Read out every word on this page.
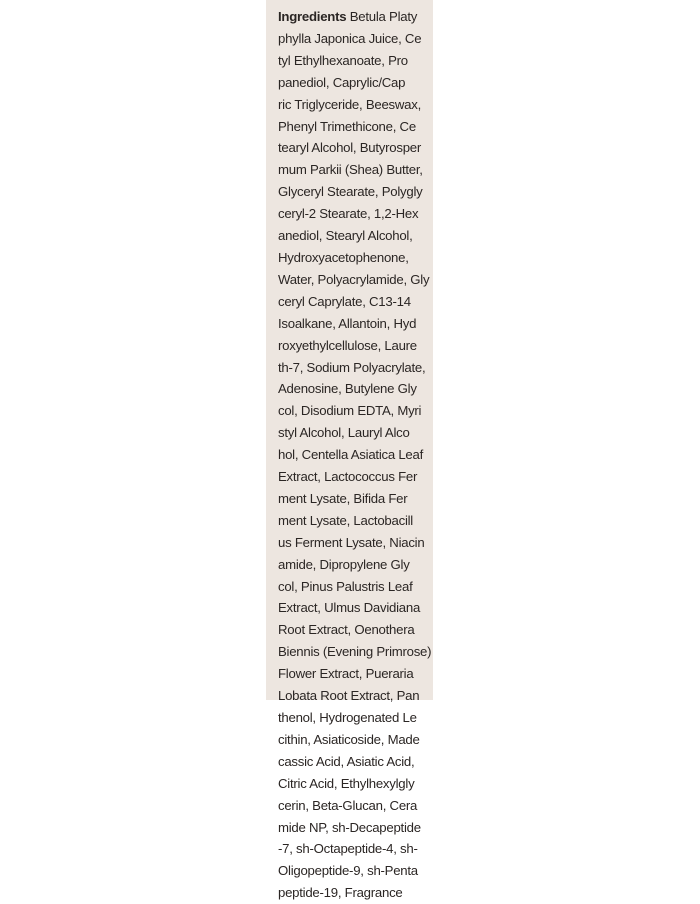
Ingredients Betula Platy
phylla Japonica Juice, Ce
tyl Ethylhexanoate, Pro
panediol, Caprylic/Cap
ric Triglyceride, Beeswax,
Phenyl Trimethicone, Ce
tearyl Alcohol, Butyrosper
mum Parkii (Shea) Butter,
Glyceryl Stearate, Polygly
ceryl-2 Stearate, 1,2-Hex
anediol, Stearyl Alcohol,
Hydroxyacetophenone,
Water, Polyacrylamide, Gly
ceryl Caprylate, C13-14
Isoalkane, Allantoin, Hyd
roxyethylcellulose, Laure
th-7, Sodium Polyacrylate,
Adenosine, Butylene Gly
col, Disodium EDTA, Myri
styl Alcohol, Lauryl Alco
hol, Centella Asiatica Leaf
Extract, Lactococcus Fer
ment Lysate, Bifida Fer
ment Lysate, Lactobacill
us Ferment Lysate, Niacin
amide, Dipropylene Gly
col, Pinus Palustris Leaf
Extract, Ulmus Davidiana
Root Extract, Oenothera
Biennis (Evening Primrose)
Flower Extract, Pueraria
Lobata Root Extract, Pan
thenol, Hydrogenated Le
cithin, Asiaticoside, Made
cassic Acid, Asiatic Acid,
Citric Acid, Ethylhexylgly
cerin, Beta-Glucan, Cera
mide NP, sh-Decapeptide
-7, sh-Octapeptide-4, sh-
Oligopeptide-9, sh-Penta
peptide-19, Fragrance
